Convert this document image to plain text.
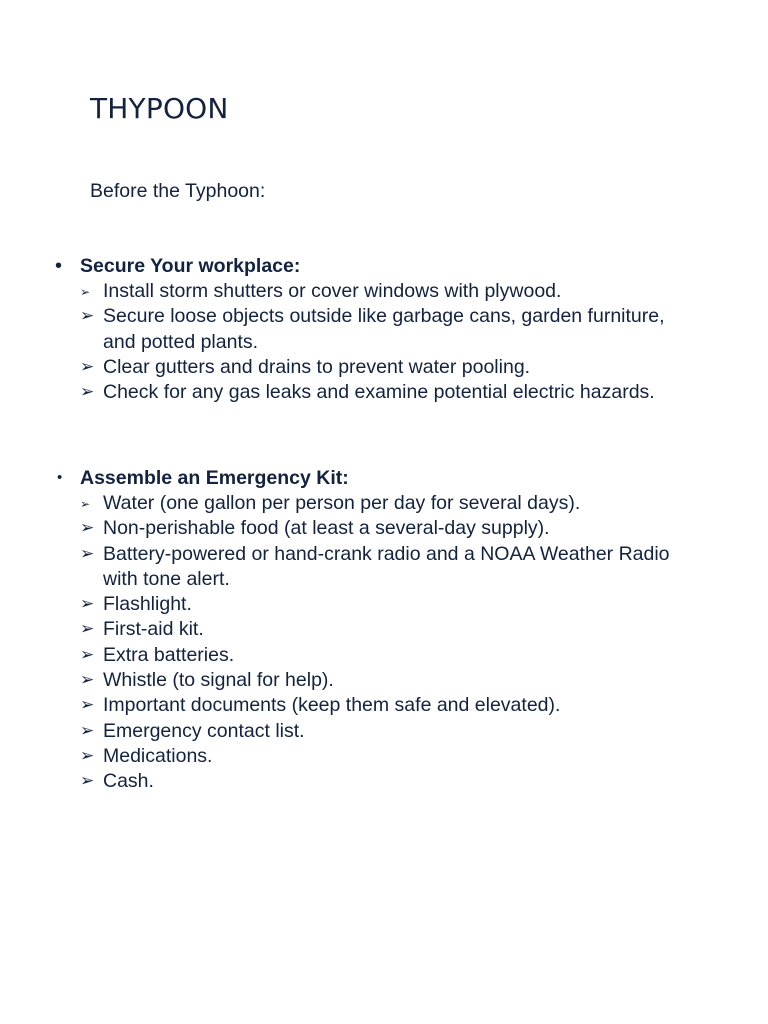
THYPOON

Before the Typhoon:

• Secure Your workplace:
➢ Install storm shutters or cover windows with plywood.
➢ Secure loose objects outside like garbage cans, garden furniture, and potted plants.
➢ Clear gutters and drains to prevent water pooling.
➢ Check for any gas leaks and examine potential electric hazards.
• Assemble an Emergency Kit:
➢ Water (one gallon per person per day for several days).
➢ Non-perishable food (at least a several-day supply).
➢ Battery-powered or hand-crank radio and a NOAA Weather Radio with tone alert.
➢ Flashlight.
➢ First-aid kit.
➢ Extra batteries.
➢ Whistle (to signal for help).
➢ Important documents (keep them safe and elevated).
➢ Emergency contact list.
➢ Medications.
➢ Cash.
